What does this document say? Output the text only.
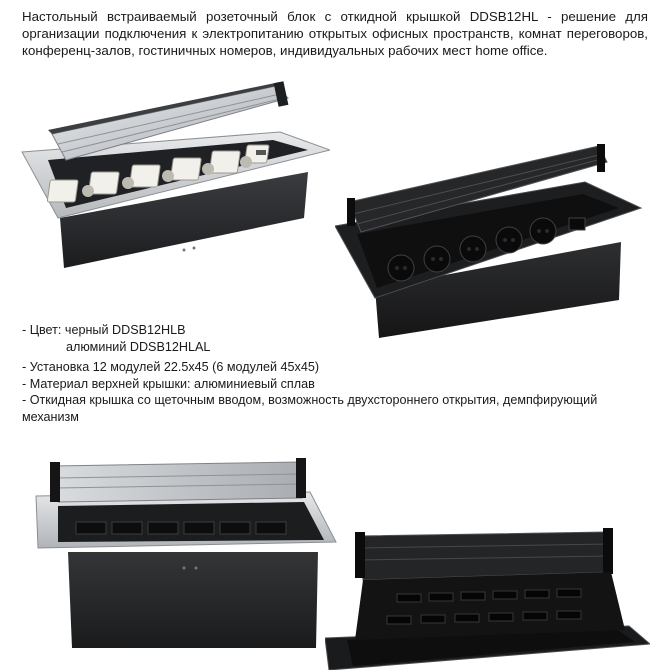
Настольный встраиваемый розеточный блок с откидной крышкой DDSB12HL - решение для организации подключения к электропитанию открытых офисных пространств, комнат переговоров, конференц-залов, гостиничных номеров, индивидуальных рабочих мест home office.
- Цвет: черный DDSB12HLB
алюминий DDSB12HLAL
- Установка 12 модулей 22.5x45 (6 модулей 45x45)
- Материал верхней крышки: алюминиевый сплав
- Откидная крышка со щеточным вводом, возможность двухстороннего открытия, демпфирующий механизм
